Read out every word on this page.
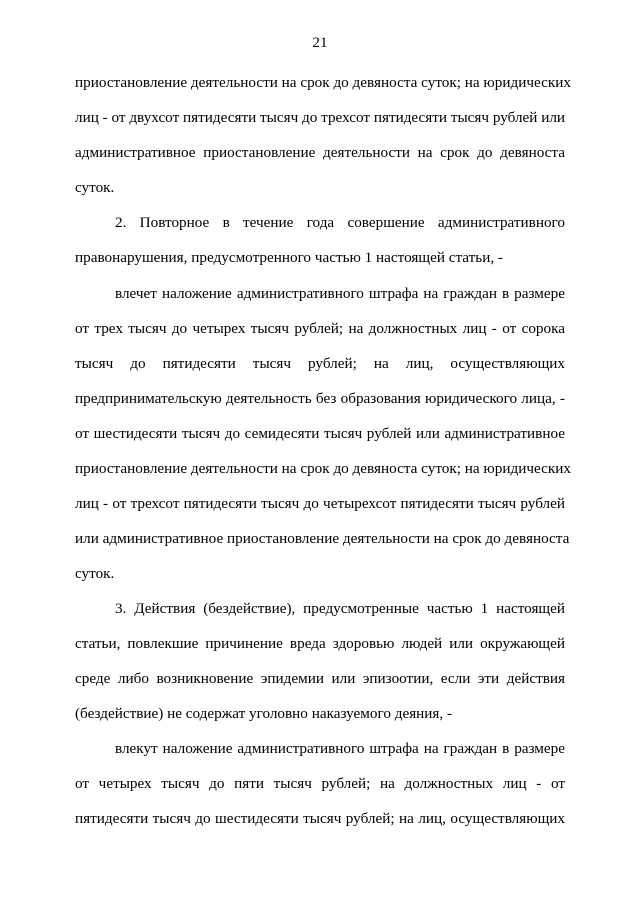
21
приостановление деятельности на срок до девяноста суток; на юридических
лиц - от двухсот пятидесяти тысяч до трехсот пятидесяти тысяч рублей или
административное приостановление деятельности на срок до девяноста
суток.
2. Повторное в течение года совершение административного
правонарушения, предусмотренного частью 1 настоящей статьи, -
влечет наложение административного штрафа на граждан в размере
от трех тысяч до четырех тысяч рублей; на должностных лиц - от сорока
тысяч до пятидесяти тысяч рублей; на лиц, осуществляющих
предпринимательскую деятельность без образования юридического лица, -
от шестидесяти тысяч до семидесяти тысяч рублей или административное
приостановление деятельности на срок до девяноста суток; на юридических
лиц - от трехсот пятидесяти тысяч до четырехсот пятидесяти тысяч рублей
или административное приостановление деятельности на срок до девяноста
суток.
3. Действия (бездействие), предусмотренные частью 1 настоящей
статьи, повлекшие причинение вреда здоровью людей или окружающей
среде либо возникновение эпидемии или эпизоотии, если эти действия
(бездействие) не содержат уголовно наказуемого деяния, -
влекут наложение административного штрафа на граждан в размере
от четырех тысяч до пяти тысяч рублей; на должностных лиц - от
пятидесяти тысяч до шестидесяти тысяч рублей; на лиц, осуществляющих
